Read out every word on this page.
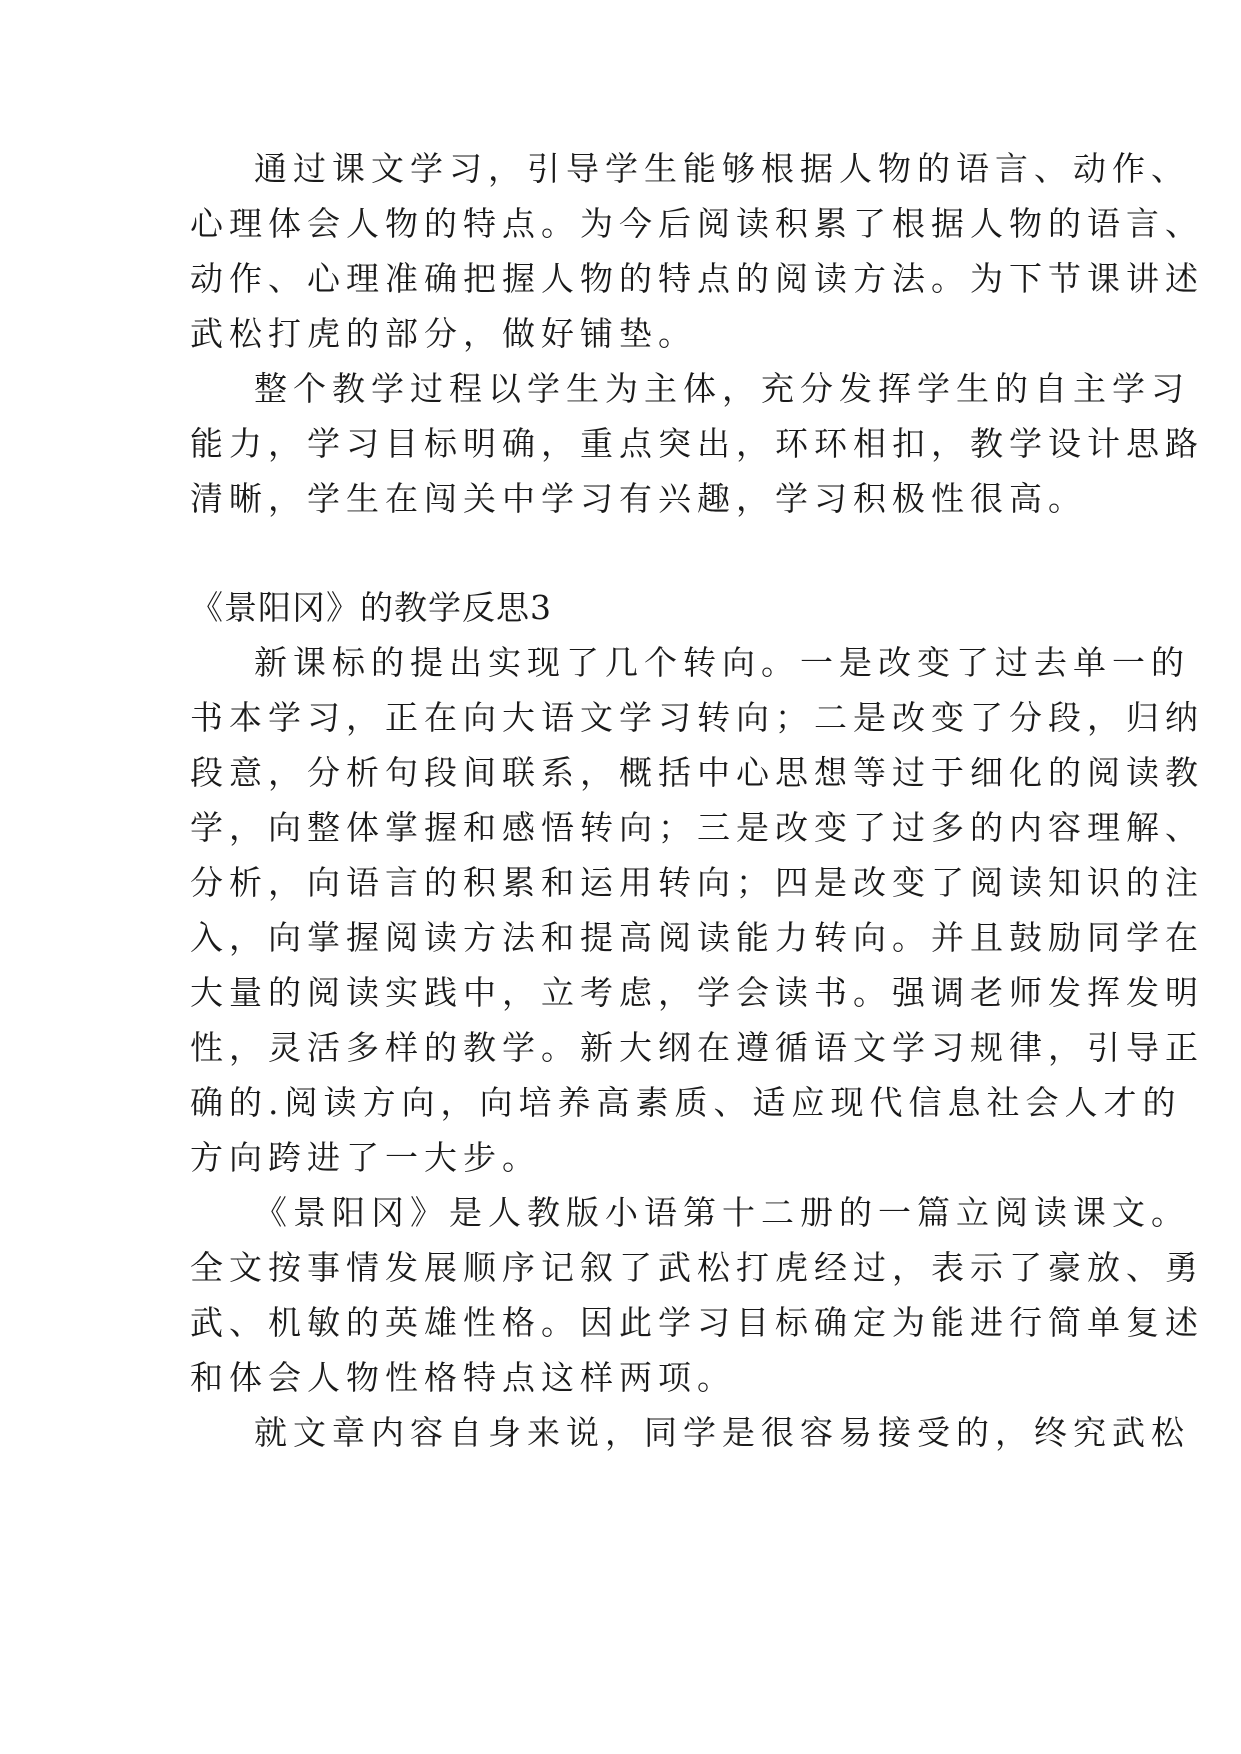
通过课文学习，引导学生能够根据人物的语言、动作、

心理体会人物的特点。为今后阅读积累了根据人物的语言、

动作、心理准确把握人物的特点的阅读方法。为下节课讲述

武松打虎的部分，做好铺垫。

整个教学过程以学生为主体，充分发挥学生的自主学习

能力，学习目标明确，重点突出，环环相扣，教学设计思路

清晰，学生在闯关中学习有兴趣，学习积极性很高。

《景阳冈》的教学反思3

新课标的提出实现了几个转向。一是改变了过去单一的

书本学习，正在向大语文学习转向；二是改变了分段，归纳

段意，分析句段间联系，概括中心思想等过于细化的阅读教

学，向整体掌握和感悟转向；三是改变了过多的内容理解、

分析，向语言的积累和运用转向；四是改变了阅读知识的注

入，向掌握阅读方法和提高阅读能力转向。并且鼓励同学在

大量的阅读实践中，立考虑，学会读书。强调老师发挥发明

性，灵活多样的教学。新大纲在遵循语文学习规律，引导正

确的.阅读方向，向培养高素质、适应现代信息社会人才的

方向跨进了一大步。

《景阳冈》是人教版小语第十二册的一篇立阅读课文。

全文按事情发展顺序记叙了武松打虎经过，表示了豪放、勇

武、机敏的英雄性格。因此学习目标确定为能进行简单复述

和体会人物性格特点这样两项。

就文章内容自身来说，同学是很容易接受的，终究武松
